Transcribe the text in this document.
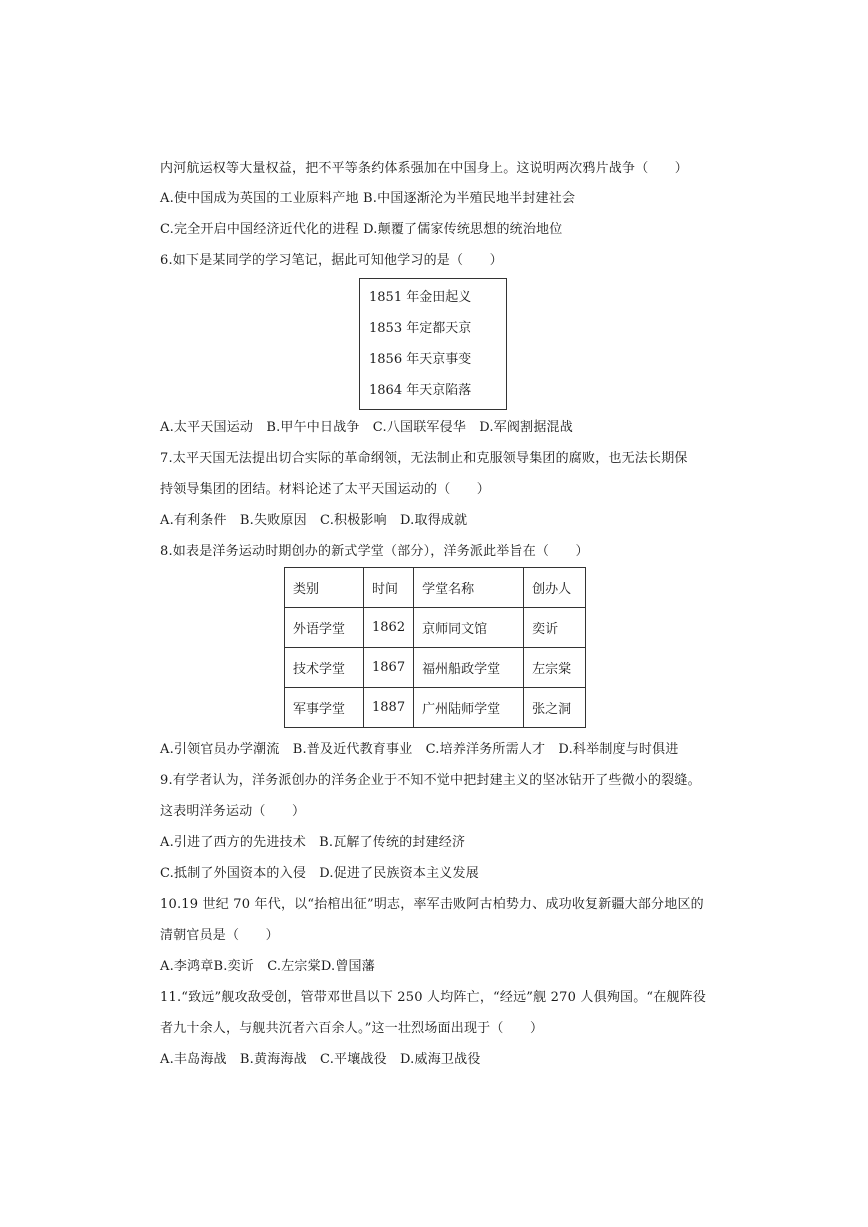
内河航运权等大量权益，把不平等条约体系强加在中国身上。这说明两次鸦片战争（　　）
A.使中国成为英国的工业原料产地 B.中国逐渐沦为半殖民地半封建社会
C.完全开启中国经济近代化的进程 D.颠覆了儒家传统思想的统治地位
6.如下是某同学的学习笔记，据此可知他学习的是（　　）
1851 年金田起义
1853 年定都天京
1856 年天京事变
1864 年天京陷落
A.太平天国运动　B.甲午中日战争　C.八国联军侵华　D.军阀割据混战
7.太平天国无法提出切合实际的革命纲领，无法制止和克服领导集团的腐败，也无法长期保
持领导集团的团结。材料论述了太平天国运动的（　　）
A.有利条件　B.失败原因　C.积极影响　D.取得成就
8.如表是洋务运动时期创办的新式学堂（部分），洋务派此举旨在（　　）
类别	时间	学堂名称	创办人
外语学堂	1862	京师同文馆	奕䜣
技术学堂	1867	福州船政学堂	左宗棠
军事学堂	1887	广州陆师学堂	张之洞
A.引领官员办学潮流　B.普及近代教育事业　C.培养洋务所需人才　D.科举制度与时俱进
9.有学者认为，洋务派创办的洋务企业于不知不觉中把封建主义的坚冰钻开了些微小的裂缝。
这表明洋务运动（　　）
A.引进了西方的先进技术　B.瓦解了传统的封建经济
C.抵制了外国资本的入侵　D.促进了民族资本主义发展
10.19 世纪 70 年代，以“抬棺出征”明志，率军击败阿古柏势力、成功收复新疆大部分地区的
清朝官员是（　　）
A.李鸿章B.奕䜣　C.左宗棠D.曾国藩
11.“致远”舰攻敌受创，管带邓世昌以下 250 人均阵亡，“经远”舰 270 人俱殉国。“在舰阵役
者九十余人，与舰共沉者六百余人。”这一壮烈场面出现于（　　）
A.丰岛海战　B.黄海海战　C.平壤战役　D.威海卫战役
